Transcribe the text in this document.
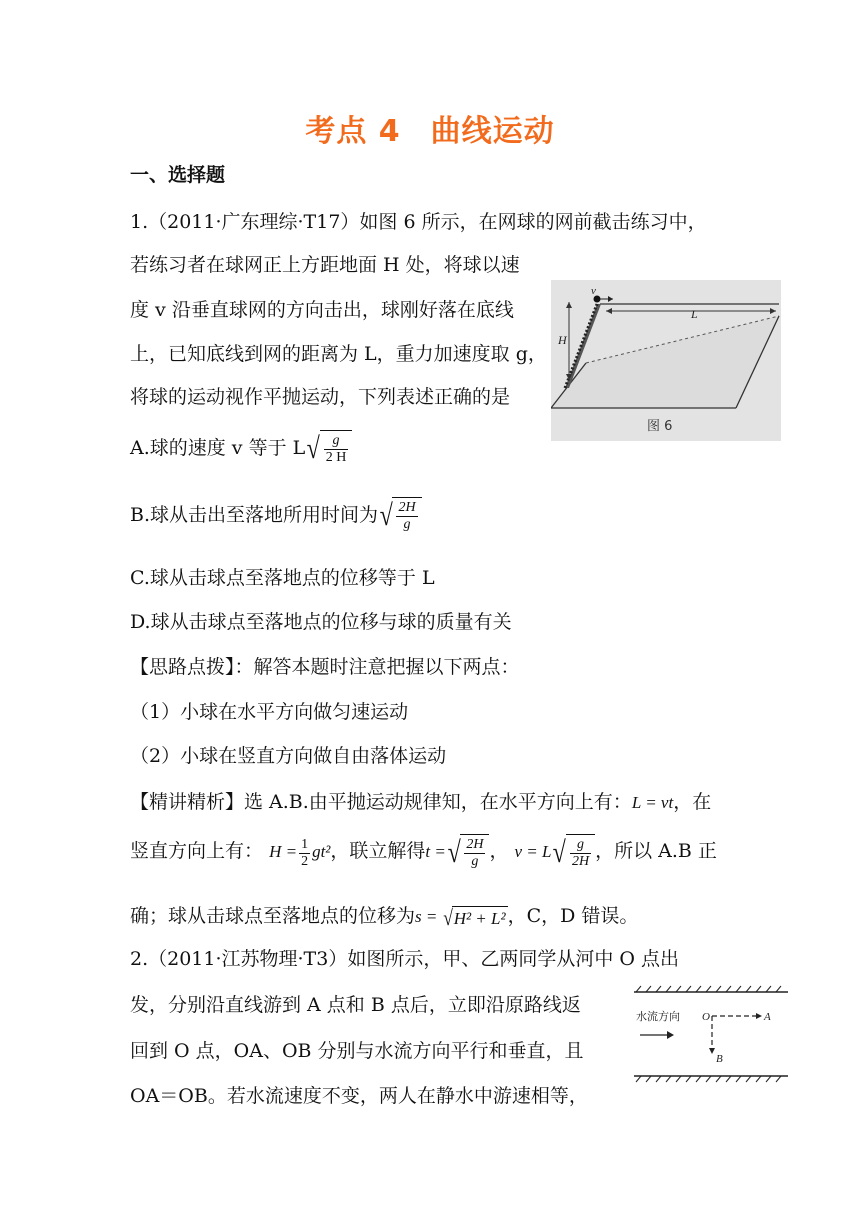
考点 4 曲线运动
一、选择题
1.（2011·广东理综·T17）如图 6 所示，在网球的网前截击练习中，
若练习者在球网正上方距地面 H 处，将球以速
度 v 沿垂直球网的方向击出，球刚好落在底线
上，已知底线到网的距离为 L，重力加速度取 g，
将球的运动视作平抛运动，下列表述正确的是
A.球的速度 v 等于 L √ $\frac{g}{2 H}$
B.球从击出至落地所用时间为 √ $\frac{2H}{g}$
C.球从击球点至落地点的位移等于 L
D.球从击球点至落地点的位移与球的质量有关
【思路点拨】：解答本题时注意把握以下两点：
（1）小球在水平方向做匀速运动
（2）小球在竖直方向做自由落体运动
【精讲精析】选 A.B.由平抛运动规律知，在水平方向上有：L = vt，在
竖直方向上有： $H = \frac{1}{2} gt^2$，联立解得t = √ $\frac{2H}{g}$ ， v = L √ $\frac{g}{2H}$ ，所以 A.B 正
确；球从击球点至落地点的位移为s = √ H² + L² ，C，D 错误。
v
H
L
图 6
2.（2011·江苏物理·T3）如图所示，甲、乙两同学从河中 O 点出
发，分别沿直线游到 A 点和 B 点后，立即沿原路线返
回到 O 点，OA、OB 分别与水流方向平行和垂直，且
OA＝OB。若水流速度不变，两人在静水中游速相等，
水流方向 O	A
B
